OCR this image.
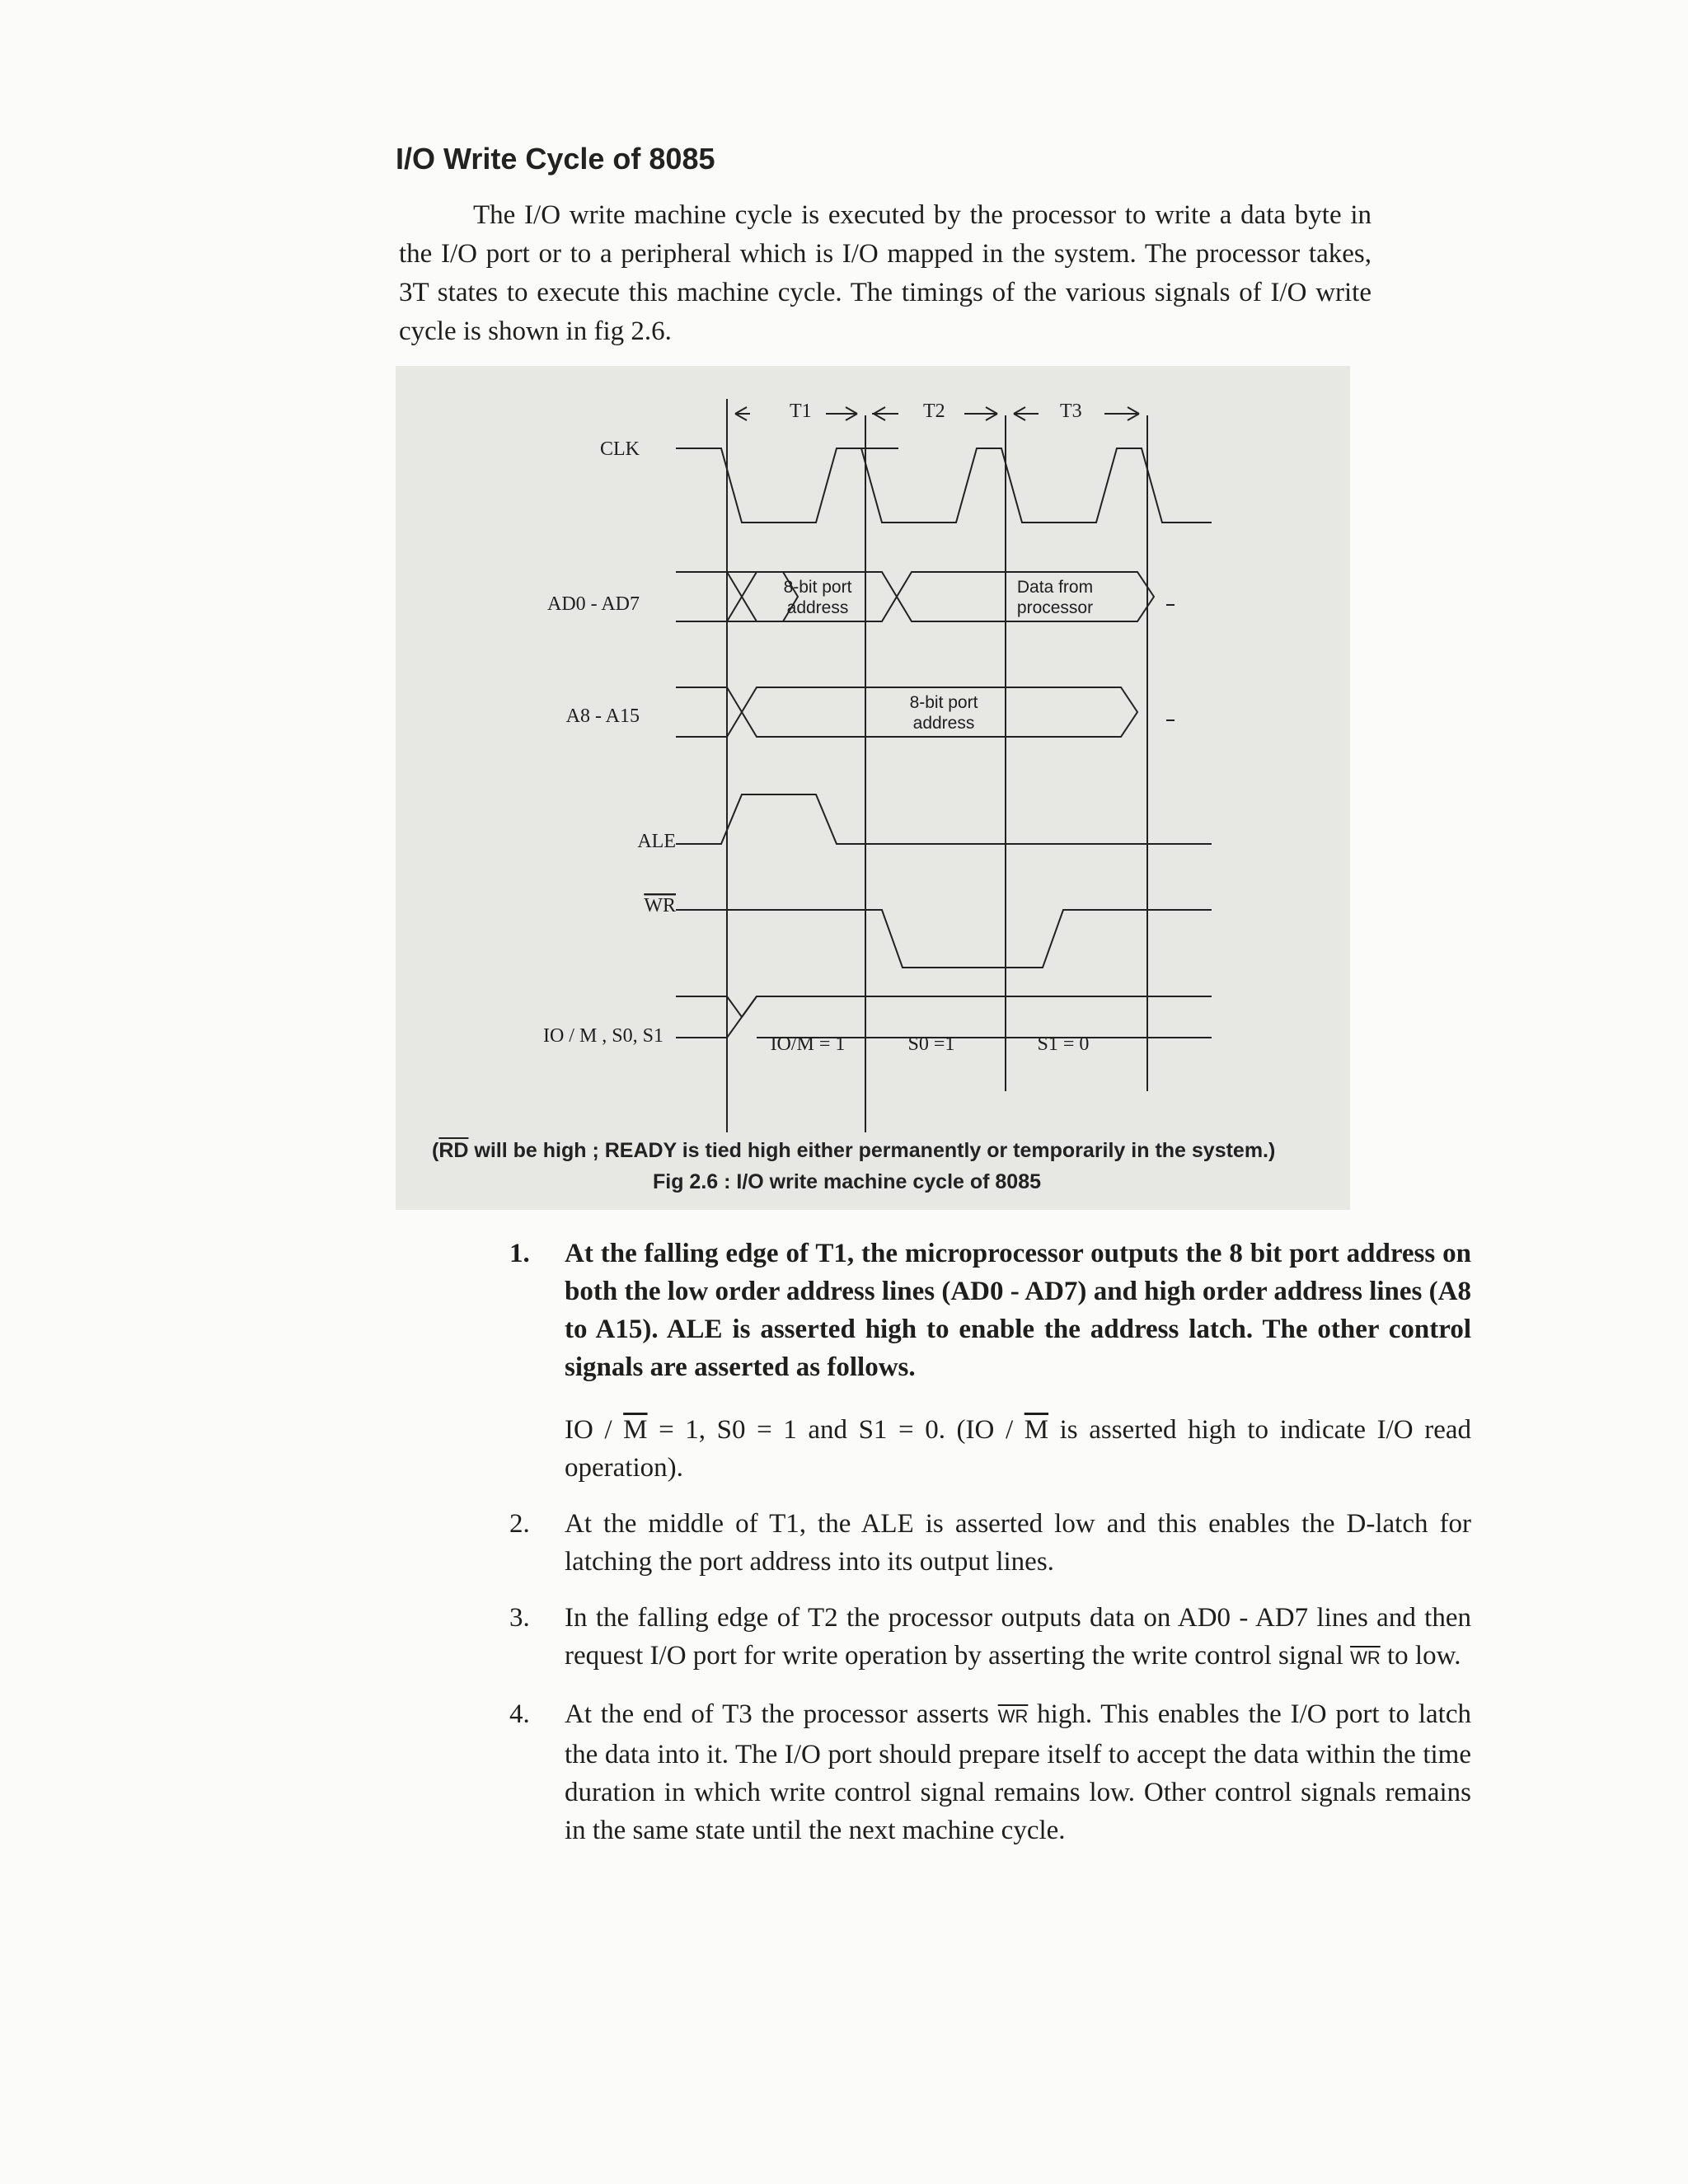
I/O Write Cycle of 8085

The I/O write machine cycle is executed by the processor to write a data byte in the I/O port or to a peripheral which is I/O mapped in the system. The processor takes, 3T states to execute this machine cycle. The timings of the various signals of I/O write cycle is shown in fig 2.6.

T1	T2	T3
CLK
AD0 - AD7
A8 - A15
ALE
WR
IO / M , S0, S1
8-bit port
address
Data from
processor
8-bit port
address
IO/M = 1	S0 =1	S1 = 0
($\overline{RD}$ will be high ; READY is tied high either permanently or temporarily in the system.)
Fig 2.6 : I/O write machine cycle of 8085
1. At the falling edge of T1, the microprocessor outputs the 8 bit port address on both the low order address lines (AD0 - AD7) and high order address lines (A8 to A15). ALE is asserted high to enable the address latch. The other control signals are asserted as follows.
IO / $\overline{M} = 1$, S0 = 1 and S1 = 0. ($IO / \overline{M}$ is asserted high to indicate I/O read operation).
2. At the middle of T1, the ALE is asserted low and this enables the D-latch for latching the port address into its output lines.
3. In the falling edge of T2 the processor outputs data on AD0 - AD7 lines and then request I/O port for write operation by asserting the write control signal $\overline{WR}$ to low.
4. At the end of T3 the processor asserts $\overline{WR}$ high. This enables the I/O port to latch the data into it. The I/O port should prepare itself to accept the data within the time duration in which write control signal remains low. Other control signals remains in the same state until the next machine cycle.
